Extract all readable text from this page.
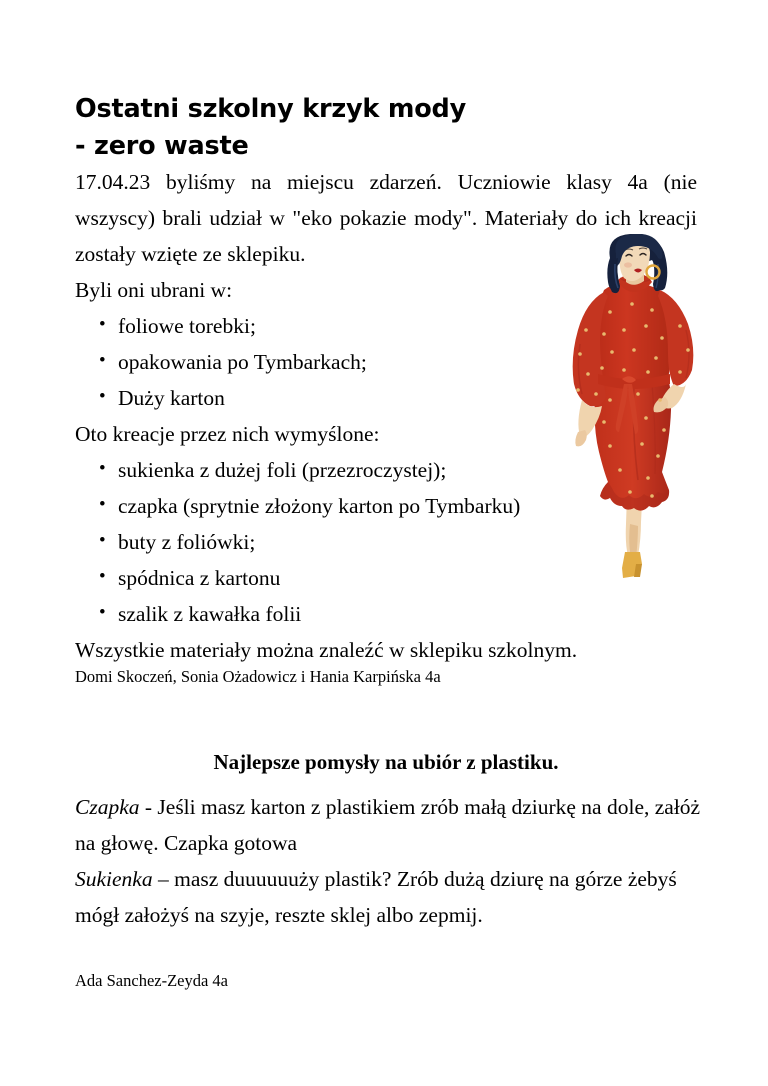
Ostatni szkolny krzyk mody
- zero waste

17.04.23 byliśmy na miejscu zdarzeń. Uczniowie klasy 4a (nie wszyscy) brali udział w "eko pokazie mody". Materiały do ich kreacji zostały wzięte ze sklepiku.

Byli oni ubrani w:

• foliowe torebki;
• opakowania po Tymbarkach;
• Duży karton

Oto kreacje przez nich wymyślone:

• sukienka z dużej foli (przezroczystej);
• czapka (sprytnie złożony karton po Tymbarku)
• buty z foliówki;
• spódnica z kartonu
• szalik z kawałka folii

Wszystkie materiały można znaleźć w sklepiku szkolnym.

Domi Skoczeń, Sonia Ożadowicz i Hania Karpińska 4a

Najlepsze pomysły na ubiór z plastiku.

Czapka - Jeśli masz karton z plastikiem zrób małą dziurkę na dole, załóż na głowę. Czapka gotowa

Sukienka – masz duuuuuuży plastik? Zrób dużą dziurę na górze żebyś mógł założyś na szyje, reszte sklej albo zepmij.

Ada Sanchez-Zeyda 4a
